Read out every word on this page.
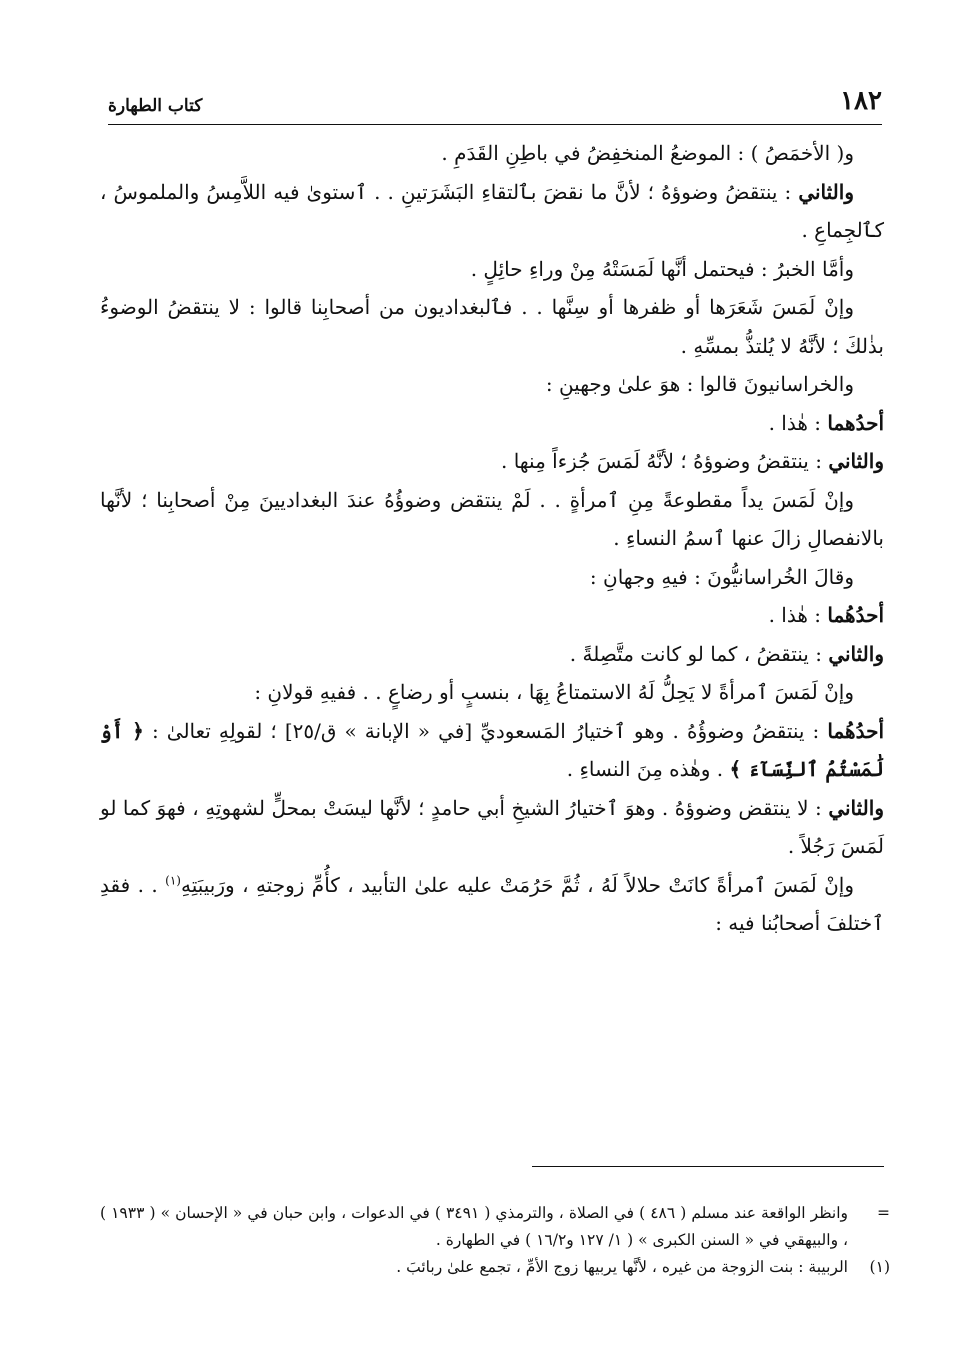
١٨٢
كتاب الطهارة

و( الأخمَصُ ) : الموضعُ المنخفِضُ في باطِنِ القَدَمِ .

والثاني : ينتقضُ وضوؤهُ ؛ لأنَّ ما نقضَ بٱلتقاءِ البَشَرَتينِ . . ٱستوىٰ فيه اللاَّمِسُ والملموسُ ، كٱلجِماعِ .

وأمَّا الخبرُ : فيحتمل أنَّها لَمَسَتْهُ مِنْ وراءِ حائِلٍ .

وإنْ لَمَسَ شَعَرَها أو ظفرها أو سِنَّها . . فٱلبغداديون من أصحابِنا قالوا : لا ينتقضُ الوضوءُ بذٰلكَ ؛ لأنَّهُ لا يُلتذُّ بمسِّهِ .

والخراسانيونَ قالوا : هوَ علىٰ وجهينِ :

أحدُهما : هٰذا .

والثاني : ينتقضُ وضوؤهُ ؛ لأنَّهُ لَمَسَ جُزءاً مِنها .

وإنْ لَمَسَ يداً مقطوعةً مِنِ ٱمرأةٍ . . لَمْ ينتقض وضوؤُهُ عندَ البغداديينَ مِنْ أصحابِنا ؛ لأنَّها بالانفصالِ زالَ عنها ٱسمُ النساءِ .

وقالَ الخُراسانيُّونَ : فيهِ وجهانِ :

أحدُهُما : هٰذا .

والثاني : ينتقضُ ، كما لو كانت متَّصِلةً .

وإنْ لَمَسَ ٱمرأةً لا يَحِلُّ لَهُ الاستمتاعُ بِهَا ، بنسبٍ أو رضاعٍ . . ففيهِ قولانِ :

أحدُهُما : ينتقضُ وضوؤُهُ . وهو ٱختيارُ المَسعوديِّ [في « الإبانة » ق/٢٥] ؛ لقولِهِ تعالىٰ : ﴿ أَوْ لَٰمَسْتُمُ ٱلنِّسَآءَ ﴾ . وهٰذه مِنَ النساءِ .

والثاني : لا ينتقض وضوؤهُ . وهوَ ٱختيارُ الشيخِ أبي حامدٍ ؛ لأنَّها ليسَتْ بمحلٍّ لشهوتِهِ ، فهوَ كما لو لَمَسَ رَجُلاً .

وإنْ لَمَسَ ٱمرأةً كانَتْ حلالاً لَهُ ، ثُمَّ حَرُمَتْ عليه علىٰ التأبيد ، كأُمِّ زوجتهِ ، ورَبيبَتِهِ$^{(١)}$ . . فقدِ ٱختلفَ أصحابُنا فيه :

=
وانظر الواقعة عند مسلم ( ٤٨٦ ) في الصلاة ، والترمذي ( ٣٤٩١ ) في الدعوات ، وابن حبان في « الإحسان » ( ١٩٣٣ ) ، والبيهقي في « السنن الكبرى » ( ١/ ١٢٧ و١٦/٢ ) في الطهارة .

(١)
الربيبة : بنت الزوجة من غيره ، لأنَّها يربيها زوج الأمِّ ، تجمع علىٰ ربائبَ .
